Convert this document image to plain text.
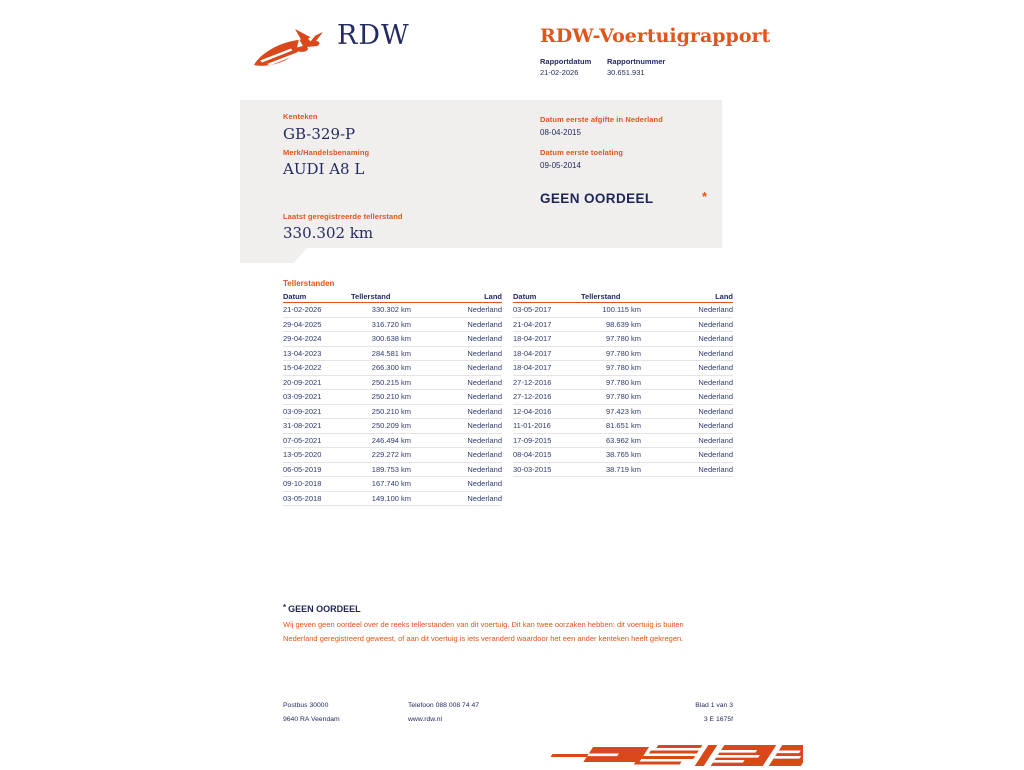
RDW	RDW-Voertuigrapport
Rapportdatum Rapportnummer
21-02-2026	30.651.931
Kenteken
GB-329-P
Merk/Handelsbenaming
AUDI A8 L
Laatst geregistreerde tellerstand
330.302 km
Datum eerste afgifte in Nederland
08-04-2015
Datum eerste toelating
09-05-2014
GEEN OORDEEL	*
Tellerstanden
Datum	Tellerstand	Land
21-02-2026	330.302 km	Nederland
29-04-2025	316.720 km	Nederland
29-04-2024	300.638 km	Nederland
13-04-2023	284.581 km	Nederland
15-04-2022	266.300 km	Nederland
20-09-2021	250.215 km	Nederland
03-09-2021	250.210 km	Nederland
03-09-2021	250.210 km	Nederland
31-08-2021	250.209 km	Nederland
07-05-2021	246.494 km	Nederland
13-05-2020	229.272 km	Nederland
06-05-2019	189.753 km	Nederland
09-10-2018	167.740 km	Nederland
03-05-2018	149.100 km	Nederland
Datum	Tellerstand	Land
03-05-2017	100.115 km	Nederland
21-04-2017	98.639 km	Nederland
18-04-2017	97.780 km	Nederland
18-04-2017	97.780 km	Nederland
18-04-2017	97.780 km	Nederland
27-12-2016	97.780 km	Nederland
27-12-2016	97.780 km	Nederland
12-04-2016	97.423 km	Nederland
11-01-2016	81.651 km	Nederland
17-09-2015	63.962 km	Nederland
08-04-2015	38.765 km	Nederland
30-03-2015	38.719 km	Nederland
* GEEN OORDEEL
Wij geven geen oordeel over de reeks tellerstanden van dit voertuig. Dit kan twee oorzaken hebben: dit voertuig is buiten Nederland geregistreerd geweest, of aan dit voertuig is iets veranderd waardoor het een ander kenteken heeft gekregen.
Postbus 30000
9640 RA Veendam
Telefoon 088 008 74 47
www.rdw.nl
Blad 1 van 3
3 E 1675f
